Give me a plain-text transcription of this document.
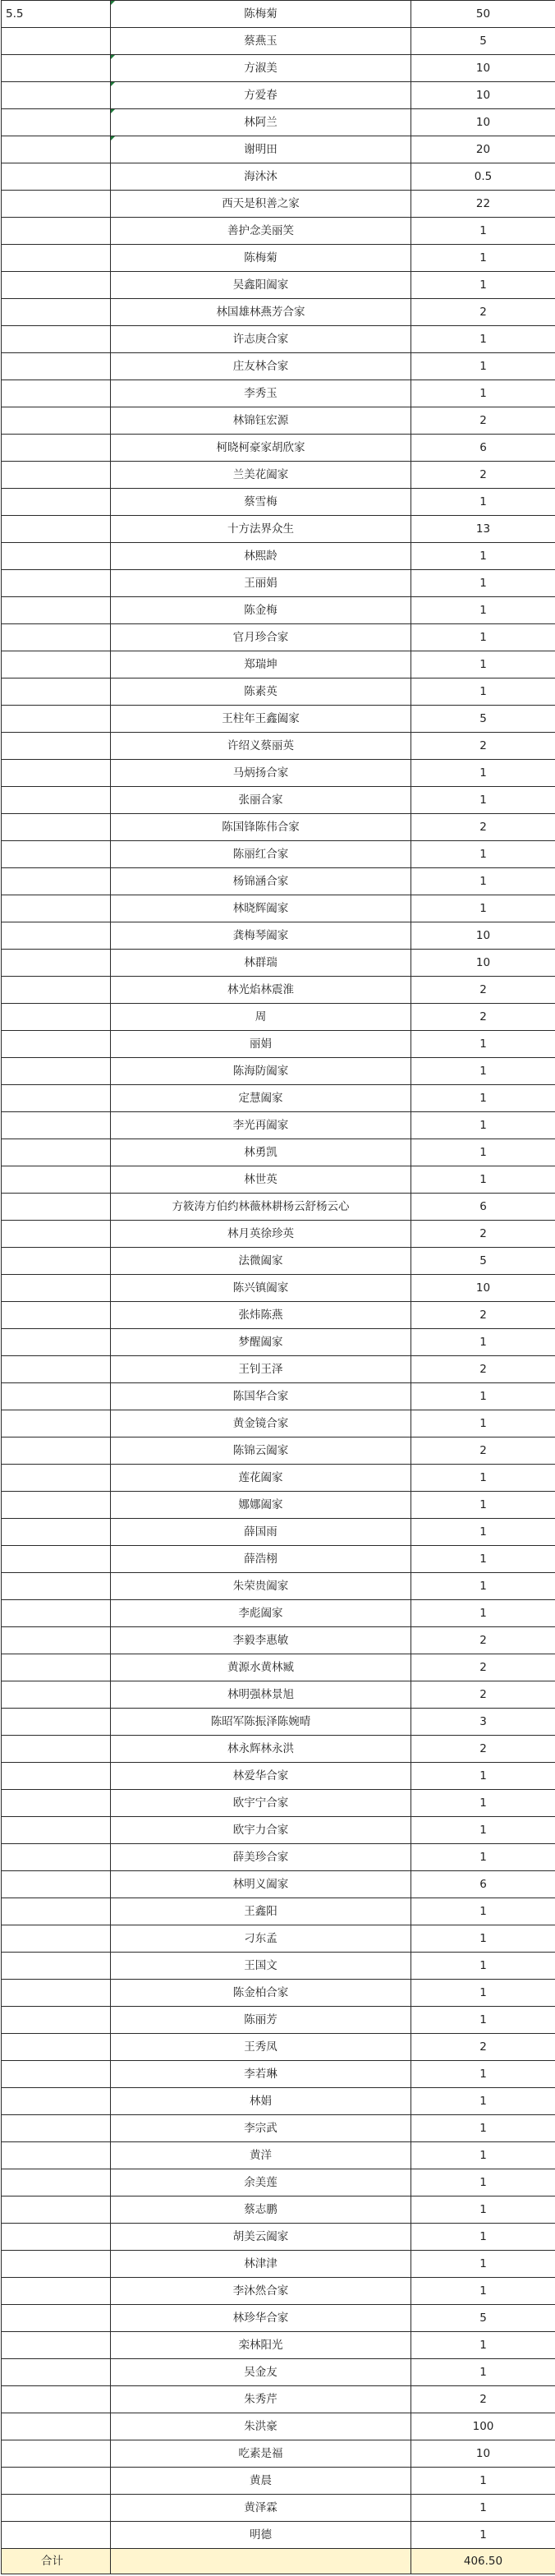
5.5	陈梅菊	50
	蔡燕玉	5
	方淑美	10
	方爱春	10
	林阿兰	10
	谢明田	20
	海沐沐	0.5
	西天是积善之家	22
	善护念美丽笑	1
	陈梅菊	1
	吴鑫阳阖家	1
	林国雄林燕芳合家	2
	许志庚合家	1
	庄友林合家	1
	李秀玉	1
	林锦钰宏源	2
	柯晓柯豪家胡欣家	6
	兰美花阖家	2
	蔡雪梅	1
	十方法界众生	13
	林熙龄	1
	王丽娟	1
	陈金梅	1
	官月珍合家	1
	郑瑞坤	1
	陈素英	1
	王柱年王鑫阖家	5
	许绍义蔡丽英	2
	马炳扬合家	1
	张丽合家	1
	陈国锋陈伟合家	2
	陈丽红合家	1
	杨锦涵合家	1
	林晓辉阖家	1
	龚梅琴阖家	10
	林群瑞	10
	林光焰林震淮	2
	周	2
	丽娟	1
	陈海防阖家	1
	定慧阖家	1
	李光再阖家	1
	林勇凯	1
	林世英	1
	方筱涛方伯约林薇林耕杨云舒杨云心	6
	林月英徐珍英	2
	法微阖家	5
	陈兴镇阖家	10
	张炜陈燕	2
	梦醒阖家	1
	王钊王泽	2
	陈国华合家	1
	黄金镜合家	1
	陈锦云阖家	2
	莲花阖家	1
	娜娜阖家	1
	薛国雨	1
	薛浩栩	1
	朱荣贵阖家	1
	李彪阖家	1
	李毅李惠敏	2
	黄源水黄林臧	2
	林明强林景旭	2
	陈昭军陈振泽陈婉晴	3
	林永辉林永洪	2
	林爱华合家	1
	欧宇宁合家	1
	欧宇力合家	1
	薛美珍合家	1
	林明义阖家	6
	王鑫阳	1
	刁东孟	1
	王国文	1
	陈金柏合家	1
	陈丽芳	1
	王秀凤	2
	李若琳	1
	林娟	1
	李宗武	1
	黄洋	1
	余美莲	1
	蔡志鹏	1
	胡美云阖家	1
	林津津	1
	李沐然合家	1
	林珍华合家	5
	栾林阳光	1
	吴金友	1
	朱秀芹	2
	朱洪豪	100
	吃素是福	10
	黄晨	1
	黄泽霖	1
	明德	1
合计		406.50
